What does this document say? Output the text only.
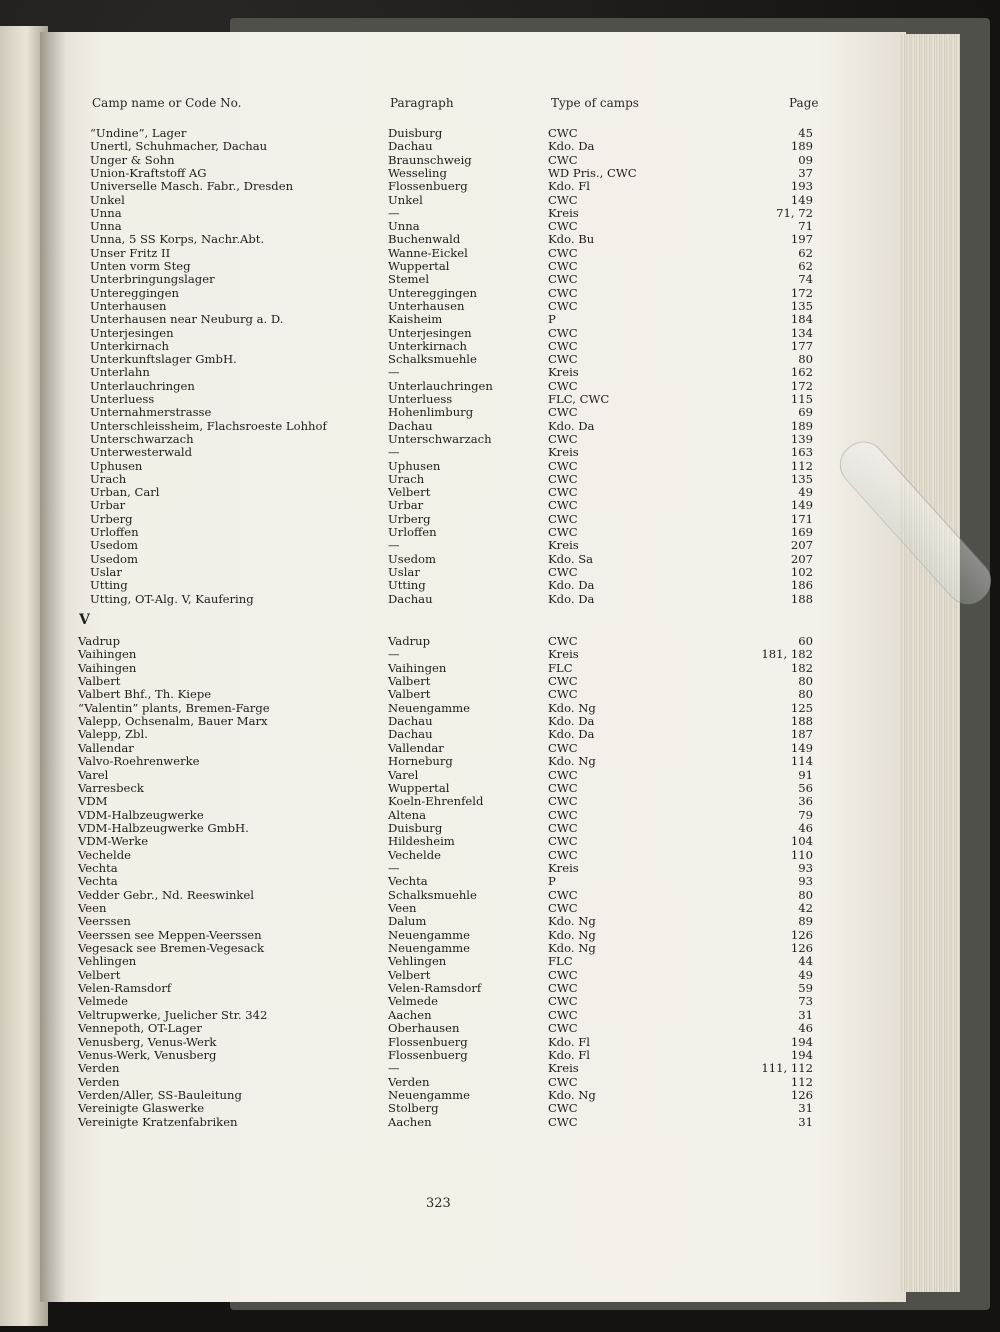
Camp name or Code No.	Paragraph	Type of camps	Page
“Undine”, Lager	Duisburg	CWC	45
Unertl, Schuhmacher, Dachau	Dachau	Kdo. Da	189
Unger & Sohn	Braunschweig	CWC	09
Union-Kraftstoff AG	Wesseling	WD Pris., CWC	37
Universelle Masch. Fabr., Dresden	Flossenbuerg	Kdo. Fl	193
Unkel	Unkel	CWC	149
Unna	—	Kreis	71, 72
Unna	Unna	CWC	71
Unna, 5 SS Korps, Nachr.Abt.	Buchenwald	Kdo. Bu	197
Unser Fritz II	Wanne-Eickel	CWC	62
Unten vorm Steg	Wuppertal	CWC	62
Unterbringungslager	Stemel	CWC	74
Untereggingen	Untereggingen	CWC	172
Unterhausen	Unterhausen	CWC	135
Unterhausen near Neuburg a. D.	Kaisheim	P	184
Unterjesingen	Unterjesingen	CWC	134
Unterkirnach	Unterkirnach	CWC	177
Unterkunftslager GmbH.	Schalksmuehle	CWC	80
Unterlahn	—	Kreis	162
Unterlauchringen	Unterlauchringen	CWC	172
Unterluess	Unterluess	FLC, CWC	115
Unternahmerstrasse	Hohenlimburg	CWC	69
Unterschleissheim, Flachsroeste Lohhof	Dachau	Kdo. Da	189
Unterschwarzach	Unterschwarzach	CWC	139
Unterwesterwald	—	Kreis	163
Uphusen	Uphusen	CWC	112
Urach	Urach	CWC	135
Urban, Carl	Velbert	CWC	49
Urbar	Urbar	CWC	149
Urberg	Urberg	CWC	171
Urloffen	Urloffen	CWC	169
Usedom	—	Kreis	207
Usedom	Usedom	Kdo. Sa	207
Uslar	Uslar	CWC	102
Utting	Utting	Kdo. Da	186
Utting, OT-Alg. V, Kaufering	Dachau	Kdo. Da	188
Vadrup	Vadrup	CWC	60
Vaihingen	—	Kreis	181, 182
Vaihingen	Vaihingen	FLC	182
Valbert	Valbert	CWC	80
Valbert Bhf., Th. Kiepe	Valbert	CWC	80
“Valentin” plants, Bremen-Farge	Neuengamme	Kdo. Ng	125
Valepp, Ochsenalm, Bauer Marx	Dachau	Kdo. Da	188
Valepp, Zbl.	Dachau	Kdo. Da	187
Vallendar	Vallendar	CWC	149
Valvo-Roehrenwerke	Horneburg	Kdo. Ng	114
Varel	Varel	CWC	91
Varresbeck	Wuppertal	CWC	56
VDM	Koeln-Ehrenfeld	CWC	36
VDM-Halbzeugwerke	Altena	CWC	79
VDM-Halbzeugwerke GmbH.	Duisburg	CWC	46
VDM-Werke	Hildesheim	CWC	104
Vechelde	Vechelde	CWC	110
Vechta	—	Kreis	93
Vechta	Vechta	P	93
Vedder Gebr., Nd. Reeswinkel	Schalksmuehle	CWC	80
Veen	Veen	CWC	42
Veerssen	Dalum	Kdo. Ng	89
Veerssen see Meppen-Veerssen	Neuengamme	Kdo. Ng	126
Vegesack see Bremen-Vegesack	Neuengamme	Kdo. Ng	126
Vehlingen	Vehlingen	FLC	44
Velbert	Velbert	CWC	49
Velen-Ramsdorf	Velen-Ramsdorf	CWC	59
Velmede	Velmede	CWC	73
Veltrupwerke, Juelicher Str. 342	Aachen	CWC	31
Vennepoth, OT-Lager	Oberhausen	CWC	46
Venusberg, Venus-Werk	Flossenbuerg	Kdo. Fl	194
Venus-Werk, Venusberg	Flossenbuerg	Kdo. Fl	194
Verden	—	Kreis	111, 112
Verden	Verden	CWC	112
Verden/Aller, SS-Bauleitung	Neuengamme	Kdo. Ng	126
Vereinigte Glaswerke	Stolberg	CWC	31
Vereinigte Kratzenfabriken	Aachen	CWC	31
V
323
